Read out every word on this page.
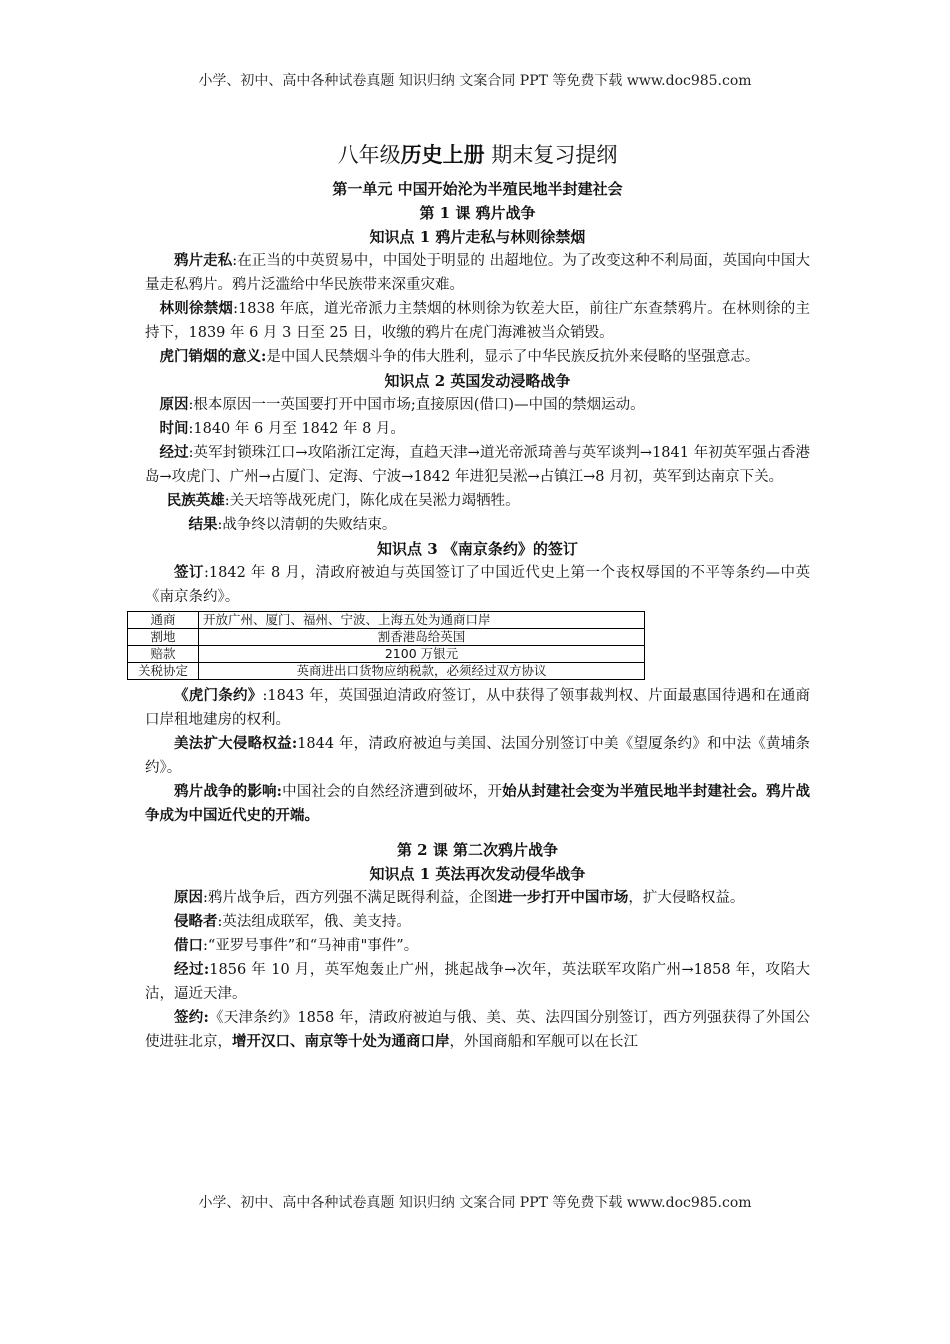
小学、初中、高中各种试卷真题 知识归纳 文案合同 PPT 等免费下载 www.doc985.com
八年级历史上册 期末复习提纲
第一单元 中国开始沦为半殖民地半封建社会
第 1 课 鸦片战争
知识点 1 鸦片走私与林则徐禁烟

鸦片走私:在正当的中英贸易中，中国处于明显的 出超地位。为了改变这种不利局面，英国向中国大量走私鸦片。鸦片泛滥给中华民族带来深重灾难。

林则徐禁烟:1838 年底，道光帝派力主禁烟的林则徐为钦差大臣，前往广东查禁鸦片。在林则徐的主持下，1839 年 6 月 3 日至 25 日，收缴的鸦片在虎门海滩被当众销毁。

虎门销烟的意义:是中国人民禁烟斗争的伟大胜利，显示了中华民族反抗外来侵略的坚强意志。

知识点 2 英国发动浸略战争

原因:根本原因一一英国要打开中国市场;直接原因(借口)—中国的禁烟运动。

时间:1840 年 6 月至 1842 年 8 月。

经过:英军封锁珠江口→攻陷浙江定海，直趋天津→道光帝派琦善与英军谈判→1841 年初英军强占香港岛→攻虎门、广州→占厦门、定海、宁波→1842 年进犯吴淞→占镇江→8 月初，英军到达南京下关。

民族英雄:关天培等战死虎门，陈化成在吴淞力竭牺牲。

结果:战争终以清朝的失败结束。

知识点 3 《南京条约》的签订

签订:1842 年 8 月，清政府被迫与英国签订了中国近代史上第一个丧权辱国的不平等条约—中英《南京条约》。

通商	开放广州、厦门、福州、宁波、上海五处为通商口岸
割地	割香港岛给英国
赔款	2100 万银元
关税协定	英商进出口货物应纳税款，必须经过双方协议

《虎门条约》:1843 年，英国强迫清政府签订，从中获得了领事裁判权、片面最惠国待遇和在通商口岸租地建房的权利。

美法扩大侵略权益:1844 年，清政府被迫与美国、法国分别签订中美《望厦条约》和中法《黄埔条约》。

鸦片战争的影响:中国社会的自然经济遭到破坏，开始从封建社会变为半殖民地半封建社会。鸦片战争成为中国近代史的开端。

第 2 课 第二次鸦片战争
知识点 1 英法再次发动侵华战争

原因:鸦片战争后，西方列强不满足既得利益，企图进一步打开中国市场，扩大侵略权益。

侵略者:英法组成联军，俄、美支持。

借口:“亚罗号事件”和“马神甫"事件”。

经过:1856 年 10 月，英军炮轰止广州，挑起战争→次年，英法联军攻陷广州→1858 年，攻陷大沽，逼近天津。

签约:《天津条约》1858 年，清政府被迫与俄、美、英、法四国分别签订，西方列强获得了外国公使进驻北京，增开汉口、南京等十处为通商口岸，外国商船和军舰可以在长江

小学、初中、高中各种试卷真题 知识归纳 文案合同 PPT 等免费下载 www.doc985.com
